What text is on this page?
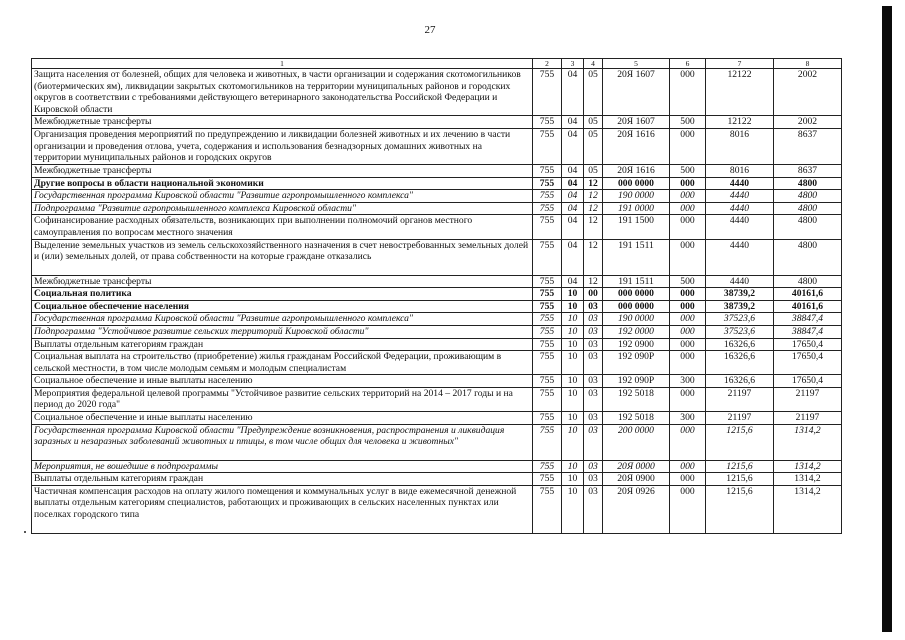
27
1	2	3	4	5	6	7	8
Защита населения от болезней, общих для человека и животных, в части организации и содержания скотомогильников (биотермических ям), ликвидации закрытых скотомогильников на территории муниципальных районов и городских округов в соответствии с требованиями действующего ветеринарного законодательства Российской Федерации и Кировской области	755	04	05	20Я 1607	000	12122	2002
Межбюджетные трансферты	755	04	05	20Я 1607	500	12122	2002
Организация проведения мероприятий по предупреждению и ликвидации болезней животных и их лечению в части организации и проведения отлова, учета, содержания и использования безнадзорных домашних животных на территории муниципальных районов и городских округов	755	04	05	20Я 1616	000	8016	8637
Межбюджетные трансферты	755	04	05	20Я 1616	500	8016	8637
Другие вопросы в области национальной экономики	755	04	12	000 0000	000	4440	4800
Государственная программа Кировской области "Развитие агропромышленного комплекса"	755	04	12	190 0000	000	4440	4800
Подпрограмма "Развитие агропромышленного комплекса Кировской области"	755	04	12	191 0000	000	4440	4800
Софинансирование расходных обязательств, возникающих при выполнении полномочий органов местного самоуправления по вопросам местного значения	755	04	12	191 1500	000	4440	4800
Выделение земельных участков из земель сельскохозяйственного назначения в счет невостребованных земельных долей и (или) земельных долей, от права собственности на которые граждане отказались	755	04	12	191 1511	000	4440	4800
Межбюджетные трансферты	755	04	12	191 1511	500	4440	4800
Социальная политика	755	10	00	000 0000	000	38739,2	40161,6
Социальное обеспечение населения	755	10	03	000 0000	000	38739,2	40161,6
Государственная программа Кировской области "Развитие агропромышленного комплекса"	755	10	03	190 0000	000	37523,6	38847,4
Подпрограмма "Устойчивое развитие сельских территорий Кировской области"	755	10	03	192 0000	000	37523,6	38847,4
Выплаты отдельным категориям граждан	755	10	03	192 0900	000	16326,6	17650,4
Социальная выплата на строительство (приобретение) жилья гражданам Российской Федерации, проживающим в сельской местности, в том числе молодым семьям и молодым специалистам	755	10	03	192 090P	000	16326,6	17650,4
Социальное обеспечение и иные выплаты населению	755	10	03	192 090P	300	16326,6	17650,4
Мероприятия федеральной целевой программы "Устойчивое развитие сельских территорий на 2014 – 2017 годы и на период до 2020 года"	755	10	03	192 5018	000	21197	21197
Социальное обеспечение и иные выплаты населению	755	10	03	192 5018	300	21197	21197
Государственная программа Кировской области "Предупреждение возникновения, распространения и ликвидация заразных и незаразных заболеваний животных и птицы, в том числе общих для человека и животных"	755	10	03	200 0000	000	1215,6	1314,2
Мероприятия, не вошедшие в подпрограммы	755	10	03	20Я 0000	000	1215,6	1314,2
Выплаты отдельным категориям граждан	755	10	03	20Я 0900	000	1215,6	1314,2
Частичная компенсация расходов на оплату жилого помещения и коммунальных услуг в виде ежемесячной денежной выплаты отдельным категориям специалистов, работающих и проживающих в сельских населенных пунктах или поселках городского типа	755	10	03	20Я 0926	000	1215,6	1314,2
